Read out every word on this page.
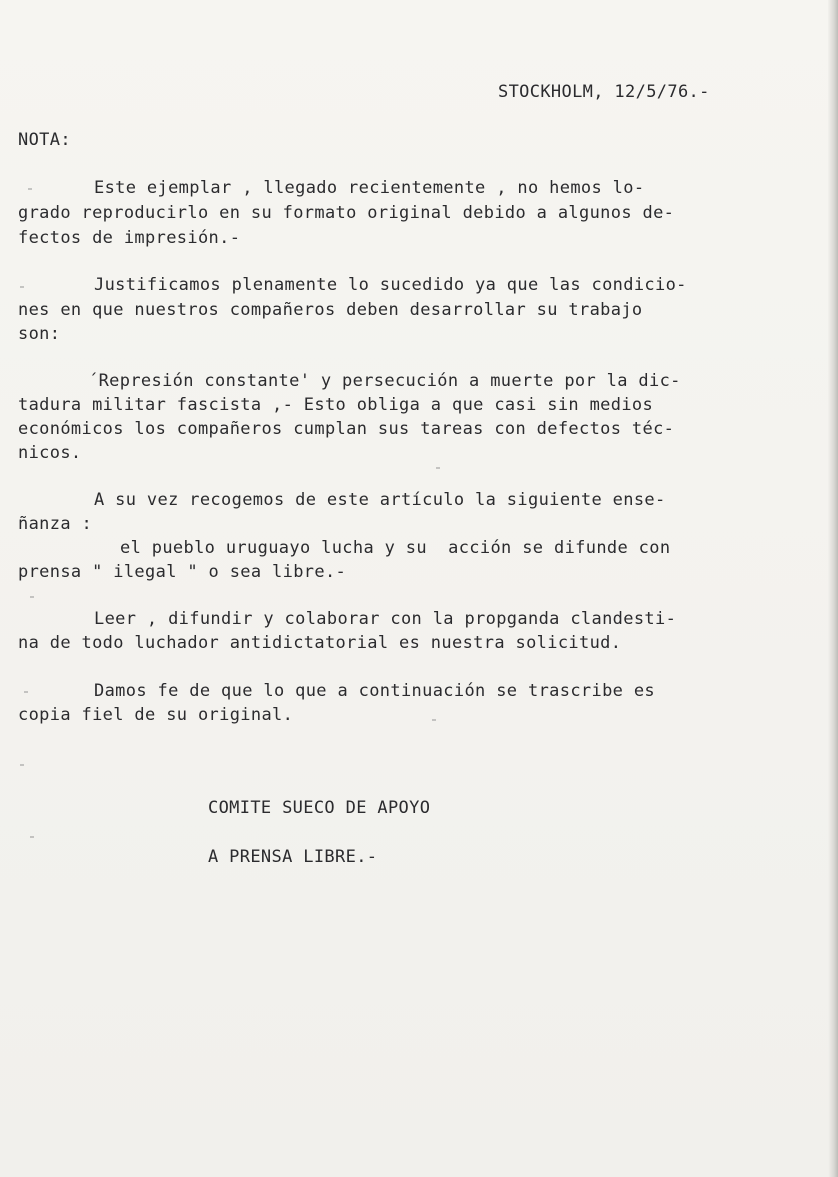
STOCKHOLM, 12/5/76.-
NOTA:
Este ejemplar , llegado recientemente , no hemos lo-
grado reproducirlo en su formato original debido a algunos de-
fectos de impresión.-
Justificamos plenamente lo sucedido ya que las condicio-
nes en que nuestros compañeros deben desarrollar su trabajo
son:
´Represión constante' y persecución a muerte por la dic-
tadura militar fascista ,- Esto obliga a que casi sin medios
económicos los compañeros cumplan sus tareas con defectos téc-
nicos.
A su vez recogemos de este artículo la siguiente ense-
ñanza :
el pueblo uruguayo lucha y su  acción se difunde con
prensa " ilegal " o sea libre.-
Leer , difundir y colaborar con la propganda clandesti-
na de todo luchador antidictatorial es nuestra solicitud.
Damos fe de que lo que a continuación se trascribe es
copia fiel de su original.
COMITE SUECO DE APOYO
A PRENSA LIBRE.-
